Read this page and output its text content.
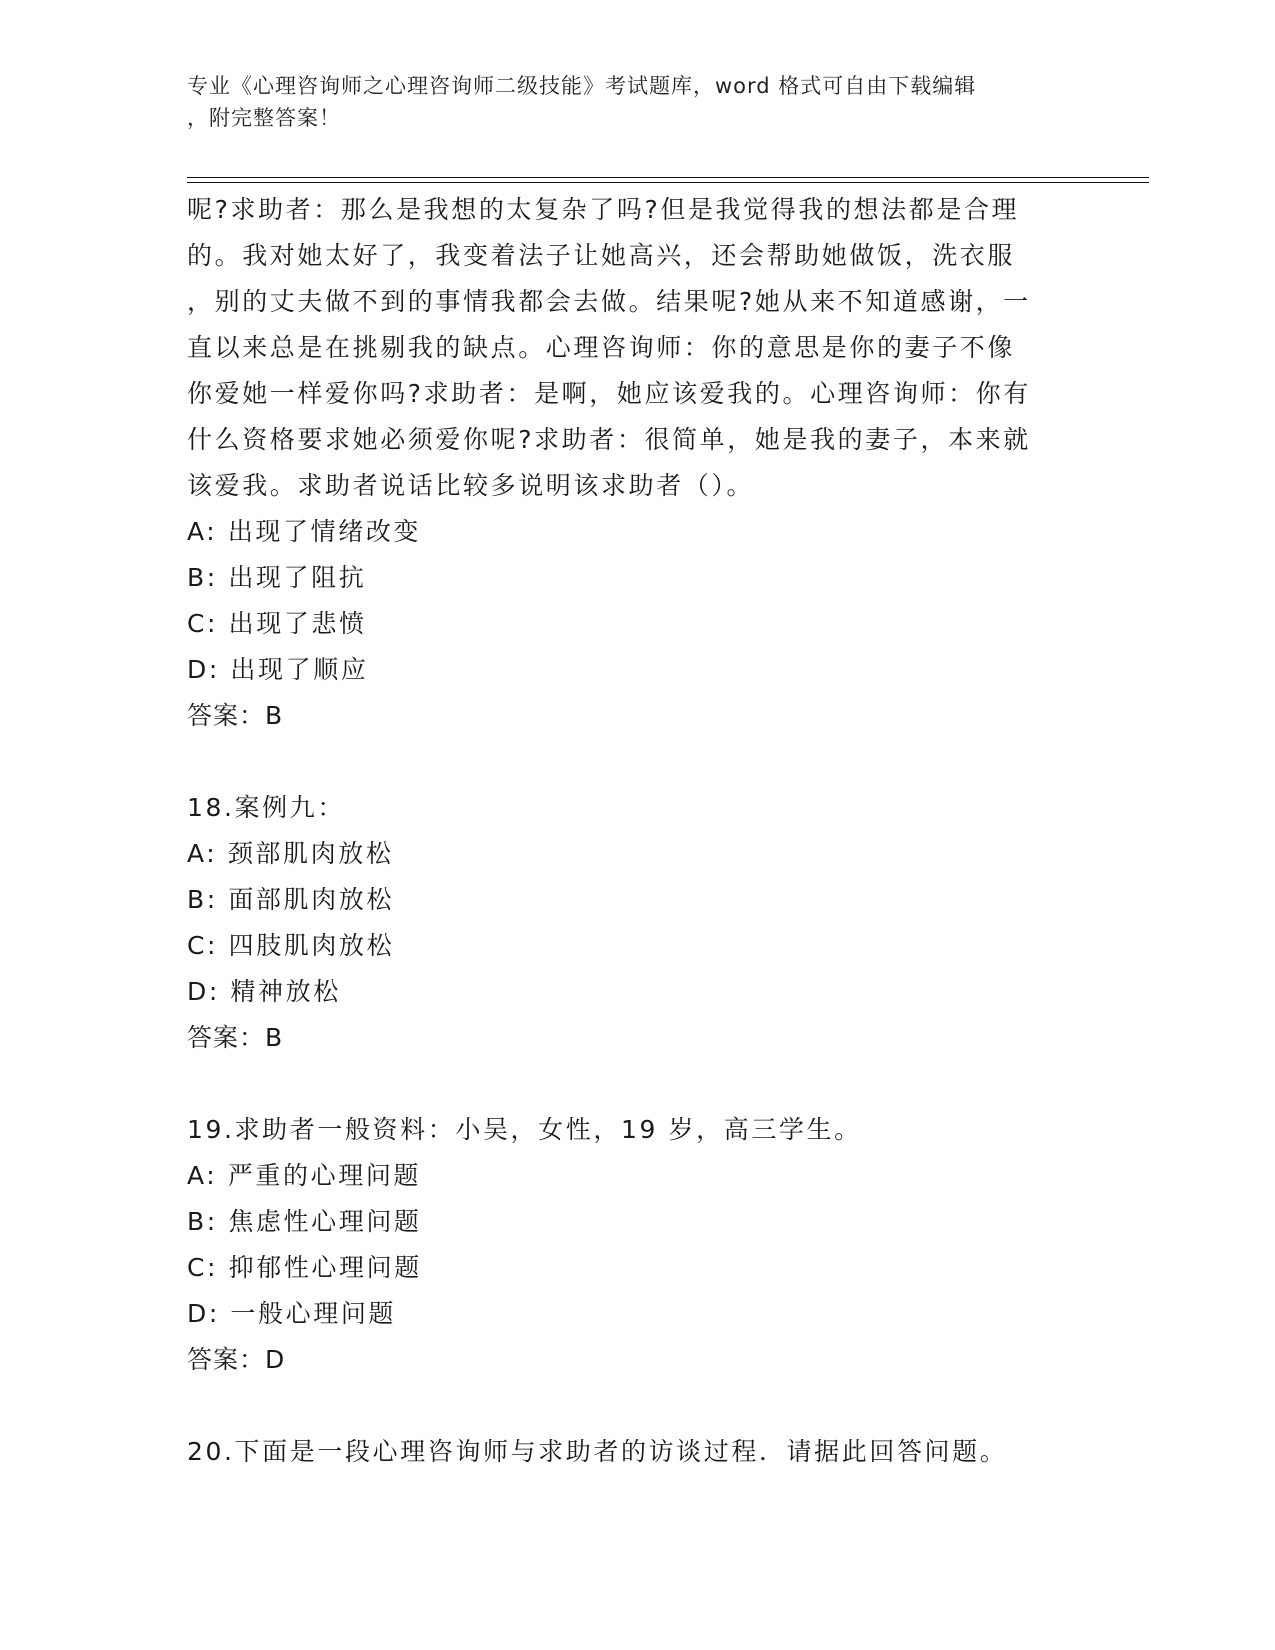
专业《心理咨询师之心理咨询师二级技能》考试题库，word 格式可自由下载编辑
，附完整答案！
呢?求助者：那么是我想的太复杂了吗?但是我觉得我的想法都是合理
的。我对她太好了，我变着法子让她高兴，还会帮助她做饭，洗衣服
，别的丈夫做不到的事情我都会去做。结果呢?她从来不知道感谢，一
直以来总是在挑剔我的缺点。心理咨询师：你的意思是你的妻子不像
你爱她一样爱你吗?求助者：是啊，她应该爱我的。心理咨询师：你有
什么资格要求她必须爱你呢?求助者：很简单，她是我的妻子，本来就
该爱我。求助者说话比较多说明该求助者（）。
A: 出现了情绪改变
B: 出现了阻抗
C: 出现了悲愤
D: 出现了顺应
答案：B
18.案例九：
A: 颈部肌肉放松
B: 面部肌肉放松
C: 四肢肌肉放松
D: 精神放松
答案：B
19.求助者一般资料：小吴，女性，19 岁，高三学生。
A: 严重的心理问题
B: 焦虑性心理问题
C: 抑郁性心理问题
D: 一般心理问题
答案：D
20.下面是一段心理咨询师与求助者的访谈过程．请据此回答问题。
